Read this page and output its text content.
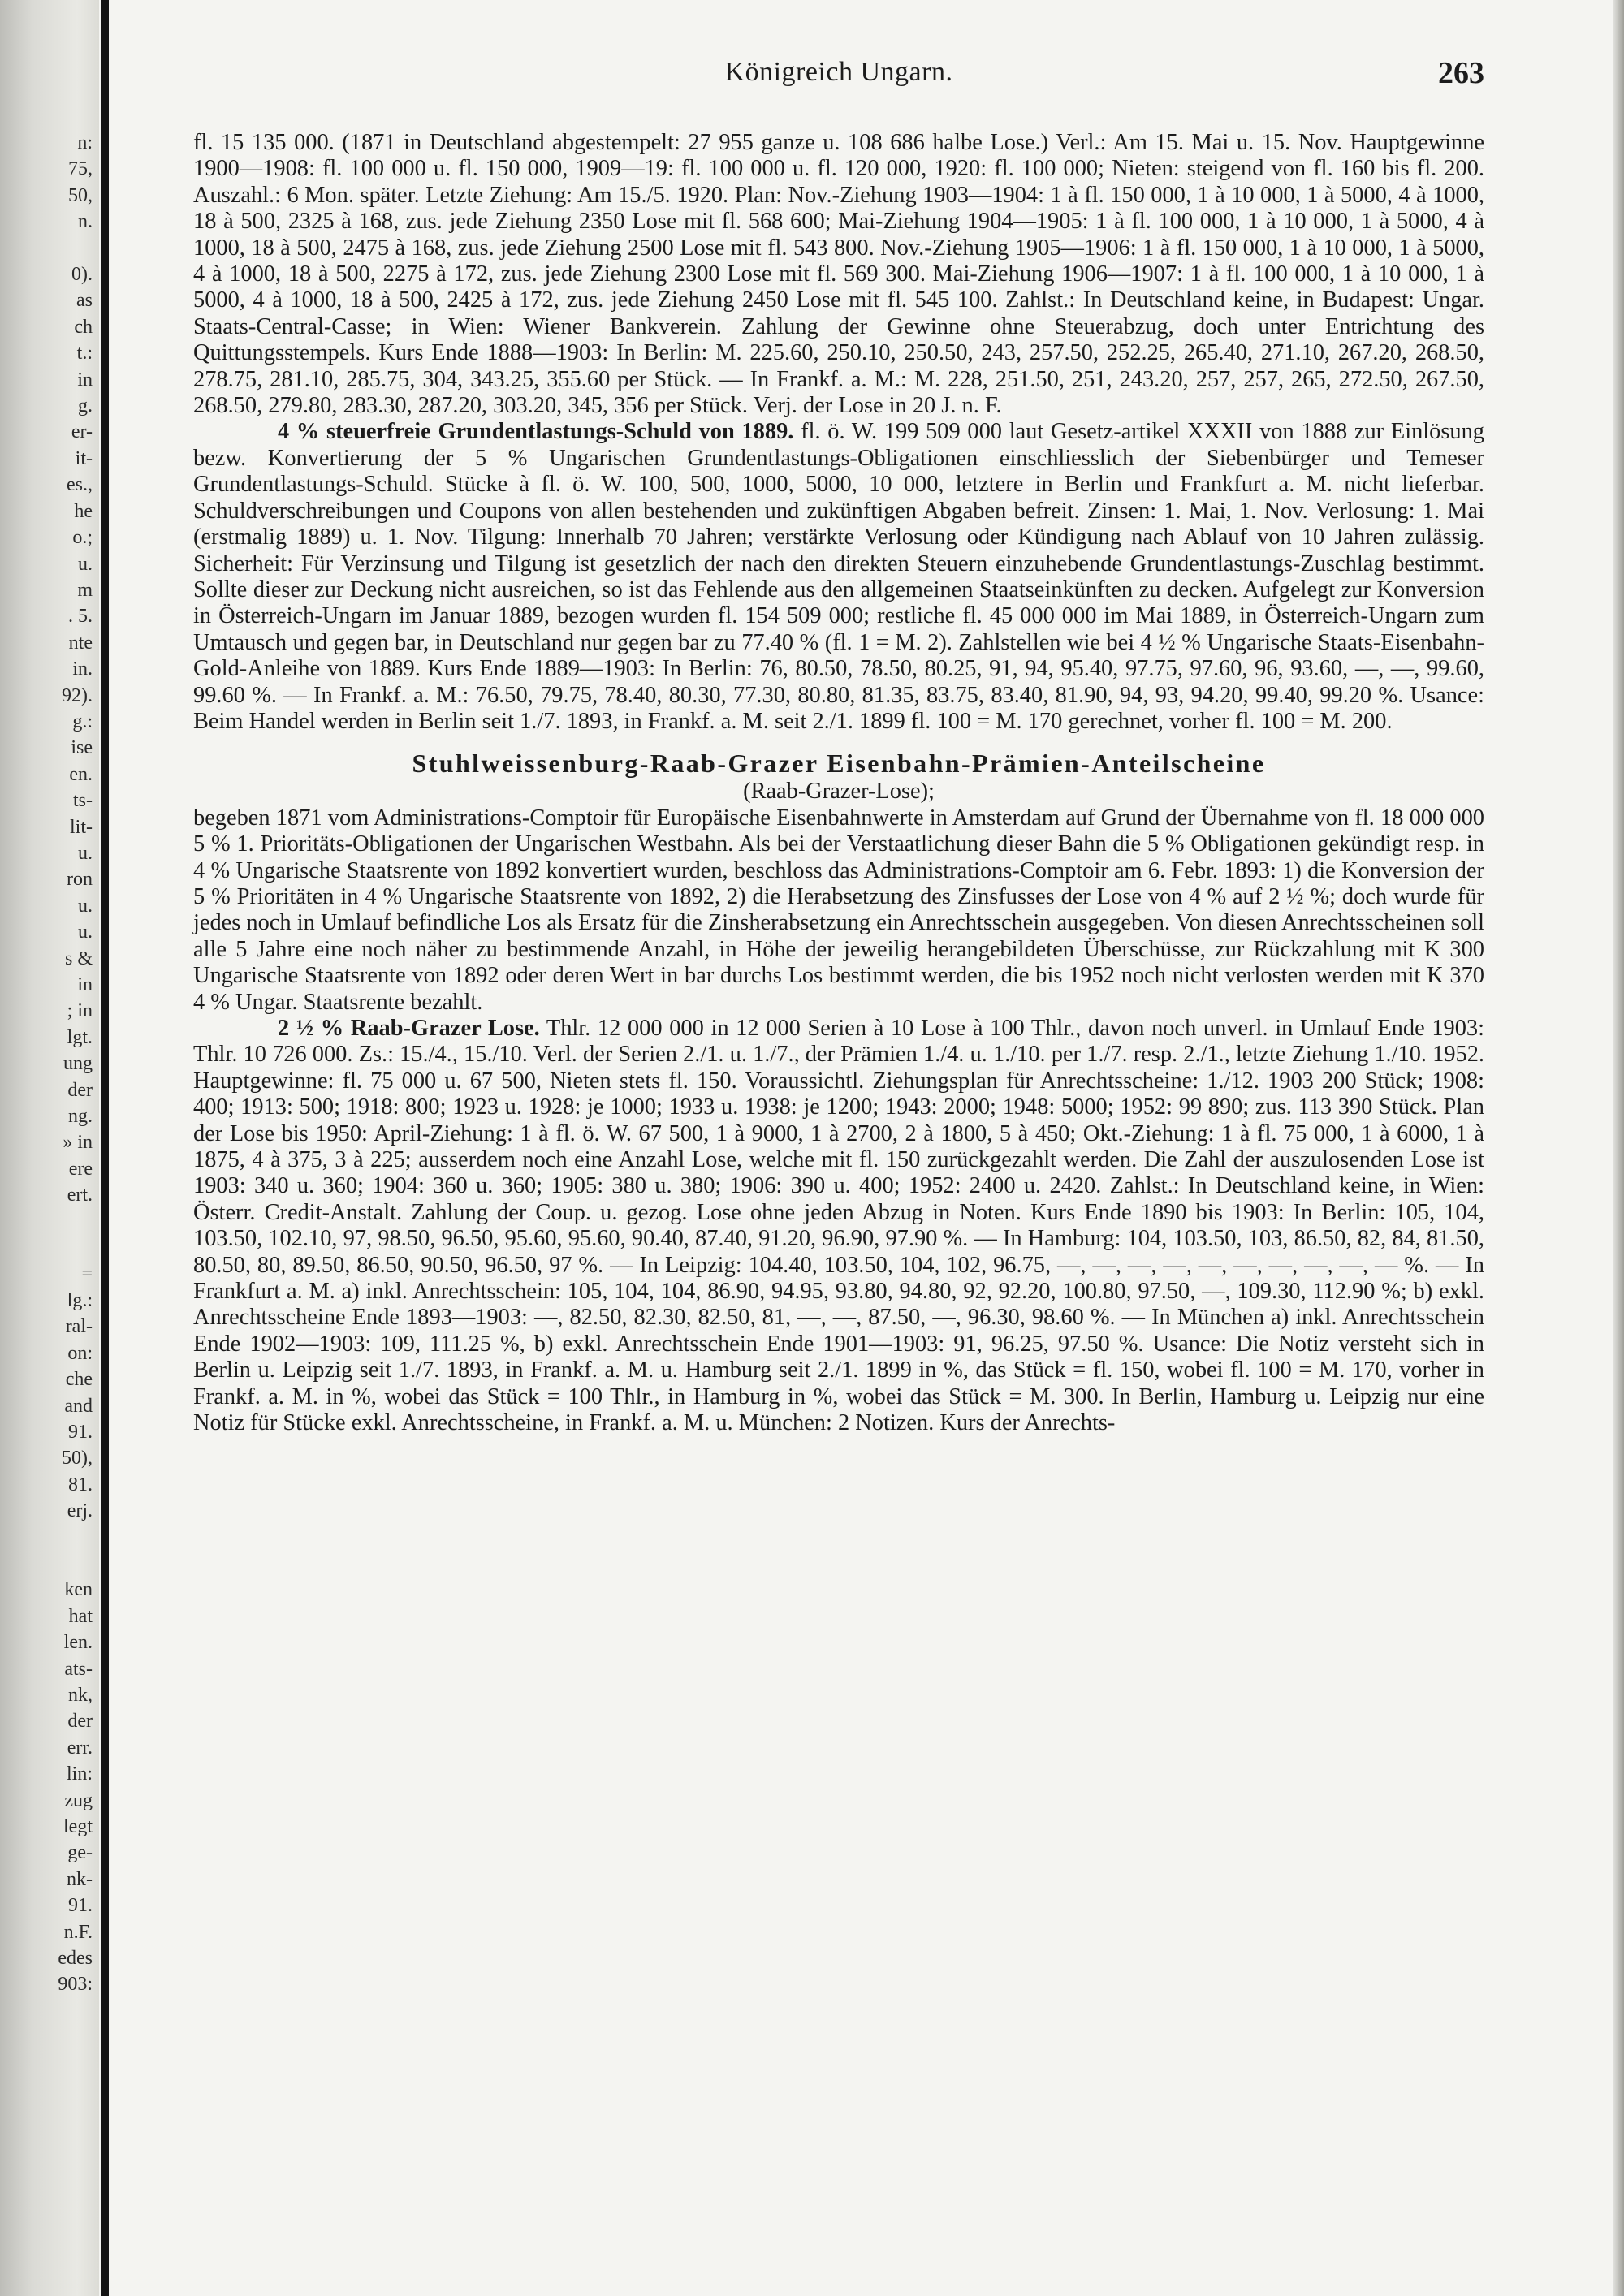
n:
75,
50,
n.

0).
as
ch
t.:
in
g.
er-
it-
es.,
he
o.;
u.
m
. 5.
nte
in.
92).
g.:
ise
en.
ts-
lit-
u.
ron
u.
u.
s &
in
; in
lgt.
ung
der
ng.
» in
ere
ert.

=
lg.:
ral-
on:
che
and
91.
50),
81.
erj.

ken
hat
len.
ats-
nk,
der
err.
lin:
zug
legt
ge-
nk-
91.
n.F.
edes
903:
Königreich Ungarn.	263

fl. 15 135 000. (1871 in Deutschland abgestempelt: 27 955 ganze u. 108 686 halbe Lose.) Verl.: Am 15. Mai u. 15. Nov. Hauptgewinne 1900—1908: fl. 100 000 u. fl. 150 000, 1909—19: fl. 100 000 u. fl. 120 000, 1920: fl. 100 000; Nieten: steigend von fl. 160 bis fl. 200. Auszahl.: 6 Mon. später. Letzte Ziehung: Am 15./5. 1920. Plan: Nov.-Ziehung 1903—1904: 1 à fl. 150 000, 1 à 10 000, 1 à 5000, 4 à 1000, 18 à 500, 2325 à 168, zus. jede Ziehung 2350 Lose mit fl. 568 600; Mai-Ziehung 1904—1905: 1 à fl. 100 000, 1 à 10 000, 1 à 5000, 4 à 1000, 18 à 500, 2475 à 168, zus. jede Ziehung 2500 Lose mit fl. 543 800. Nov.-Ziehung 1905—1906: 1 à fl. 150 000, 1 à 10 000, 1 à 5000, 4 à 1000, 18 à 500, 2275 à 172, zus. jede Ziehung 2300 Lose mit fl. 569 300. Mai-Ziehung 1906—1907: 1 à fl. 100 000, 1 à 10 000, 1 à 5000, 4 à 1000, 18 à 500, 2425 à 172, zus. jede Ziehung 2450 Lose mit fl. 545 100. Zahlst.: In Deutschland keine, in Budapest: Ungar. Staats-Central-Casse; in Wien: Wiener Bankverein. Zahlung der Gewinne ohne Steuerabzug, doch unter Entrichtung des Quittungsstempels. Kurs Ende 1888—1903: In Berlin: M. 225.60, 250.10, 250.50, 243, 257.50, 252.25, 265.40, 271.10, 267.20, 268.50, 278.75, 281.10, 285.75, 304, 343.25, 355.60 per Stück. — In Frankf. a. M.: M. 228, 251.50, 251, 243.20, 257, 257, 265, 272.50, 267.50, 268.50, 279.80, 283.30, 287.20, 303.20, 345, 356 per Stück. Verj. der Lose in 20 J. n. F.

4 % steuerfreie Grundentlastungs-Schuld von 1889. fl. ö. W. 199 509 000 laut Gesetz-artikel XXXII von 1888 zur Einlösung bezw. Konvertierung der 5 % Ungarischen Grundentlastungs-Obligationen einschliesslich der Siebenbürger und Temeser Grundentlastungs-Schuld. Stücke à fl. ö. W. 100, 500, 1000, 5000, 10 000, letztere in Berlin und Frankfurt a. M. nicht lieferbar. Schuldverschreibungen und Coupons von allen bestehenden und zukünftigen Abgaben befreit. Zinsen: 1. Mai, 1. Nov. Verlosung: 1. Mai (erstmalig 1889) u. 1. Nov. Tilgung: Innerhalb 70 Jahren; verstärkte Verlosung oder Kündigung nach Ablauf von 10 Jahren zulässig. Sicherheit: Für Verzinsung und Tilgung ist gesetzlich der nach den direkten Steuern einzuhebende Grundentlastungs-Zuschlag bestimmt. Sollte dieser zur Deckung nicht ausreichen, so ist das Fehlende aus den allgemeinen Staatseinkünften zu decken. Aufgelegt zur Konversion in Österreich-Ungarn im Januar 1889, bezogen wurden fl. 154 509 000; restliche fl. 45 000 000 im Mai 1889, in Österreich-Ungarn zum Umtausch und gegen bar, in Deutschland nur gegen bar zu 77.40 % (fl. 1 = M. 2). Zahlstellen wie bei 4 ½ % Ungarische Staats-Eisenbahn-Gold-Anleihe von 1889. Kurs Ende 1889—1903: In Berlin: 76, 80.50, 78.50, 80.25, 91, 94, 95.40, 97.75, 97.60, 96, 93.60, —, —, 99.60, 99.60 %. — In Frankf. a. M.: 76.50, 79.75, 78.40, 80.30, 77.30, 80.80, 81.35, 83.75, 83.40, 81.90, 94, 93, 94.20, 99.40, 99.20 %. Usance: Beim Handel werden in Berlin seit 1./7. 1893, in Frankf. a. M. seit 2./1. 1899 fl. 100 = M. 170 gerechnet, vorher fl. 100 = M. 200.

Stuhlweissenburg-Raab-Grazer Eisenbahn-Prämien-Anteilscheine
(Raab-Grazer-Lose);

begeben 1871 vom Administrations-Comptoir für Europäische Eisenbahnwerte in Amsterdam auf Grund der Übernahme von fl. 18 000 000 5 % 1. Prioritäts-Obligationen der Ungarischen Westbahn. Als bei der Verstaatlichung dieser Bahn die 5 % Obligationen gekündigt resp. in 4 % Ungarische Staatsrente von 1892 konvertiert wurden, beschloss das Administrations-Comptoir am 6. Febr. 1893: 1) die Konversion der 5 % Prioritäten in 4 % Ungarische Staatsrente von 1892, 2) die Herabsetzung des Zinsfusses der Lose von 4 % auf 2 ½ %; doch wurde für jedes noch in Umlauf befindliche Los als Ersatz für die Zinsherabsetzung ein Anrechtsschein ausgegeben. Von diesen Anrechtsscheinen soll alle 5 Jahre eine noch näher zu bestimmende Anzahl, in Höhe der jeweilig herangebildeten Überschüsse, zur Rückzahlung mit K 300 Ungarische Staatsrente von 1892 oder deren Wert in bar durchs Los bestimmt werden, die bis 1952 noch nicht verlosten werden mit K 370 4 % Ungar. Staatsrente bezahlt.

2 ½ % Raab-Grazer Lose. Thlr. 12 000 000 in 12 000 Serien à 10 Lose à 100 Thlr., davon noch unverl. in Umlauf Ende 1903: Thlr. 10 726 000. Zs.: 15./4., 15./10. Verl. der Serien 2./1. u. 1./7., der Prämien 1./4. u. 1./10. per 1./7. resp. 2./1., letzte Ziehung 1./10. 1952. Hauptgewinne: fl. 75 000 u. 67 500, Nieten stets fl. 150. Voraussichtl. Ziehungsplan für Anrechtsscheine: 1./12. 1903 200 Stück; 1908: 400; 1913: 500; 1918: 800; 1923 u. 1928: je 1000; 1933 u. 1938: je 1200; 1943: 2000; 1948: 5000; 1952: 99 890; zus. 113 390 Stück. Plan der Lose bis 1950: April-Ziehung: 1 à fl. ö. W. 67 500, 1 à 9000, 1 à 2700, 2 à 1800, 5 à 450; Okt.-Ziehung: 1 à fl. 75 000, 1 à 6000, 1 à 1875, 4 à 375, 3 à 225; ausserdem noch eine Anzahl Lose, welche mit fl. 150 zurückgezahlt werden. Die Zahl der auszulosenden Lose ist 1903: 340 u. 360; 1904: 360 u. 360; 1905: 380 u. 380; 1906: 390 u. 400; 1952: 2400 u. 2420. Zahlst.: In Deutschland keine, in Wien: Österr. Credit-Anstalt. Zahlung der Coup. u. gezog. Lose ohne jeden Abzug in Noten. Kurs Ende 1890 bis 1903: In Berlin: 105, 104, 103.50, 102.10, 97, 98.50, 96.50, 95.60, 95.60, 90.40, 87.40, 91.20, 96.90, 97.90 %. — In Hamburg: 104, 103.50, 103, 86.50, 82, 84, 81.50, 80.50, 80, 89.50, 86.50, 90.50, 96.50, 97 %. — In Leipzig: 104.40, 103.50, 104, 102, 96.75, —, —, —, —, —, —, —, —, —, — %. — In Frankfurt a. M. a) inkl. Anrechtsschein: 105, 104, 104, 86.90, 94.95, 93.80, 94.80, 92, 92.20, 100.80, 97.50, —, 109.30, 112.90 %; b) exkl. Anrechtsscheine Ende 1893—1903: —, 82.50, 82.30, 82.50, 81, —, —, 87.50, —, 96.30, 98.60 %. — In München a) inkl. Anrechtsschein Ende 1902—1903: 109, 111.25 %, b) exkl. Anrechtsschein Ende 1901—1903: 91, 96.25, 97.50 %. Usance: Die Notiz versteht sich in Berlin u. Leipzig seit 1./7. 1893, in Frankf. a. M. u. Hamburg seit 2./1. 1899 in %, das Stück = fl. 150, wobei fl. 100 = M. 170, vorher in Frankf. a. M. in %, wobei das Stück = 100 Thlr., in Hamburg in %, wobei das Stück = M. 300. In Berlin, Hamburg u. Leipzig nur eine Notiz für Stücke exkl. Anrechtsscheine, in Frankf. a. M. u. München: 2 Notizen. Kurs der Anrechts-
